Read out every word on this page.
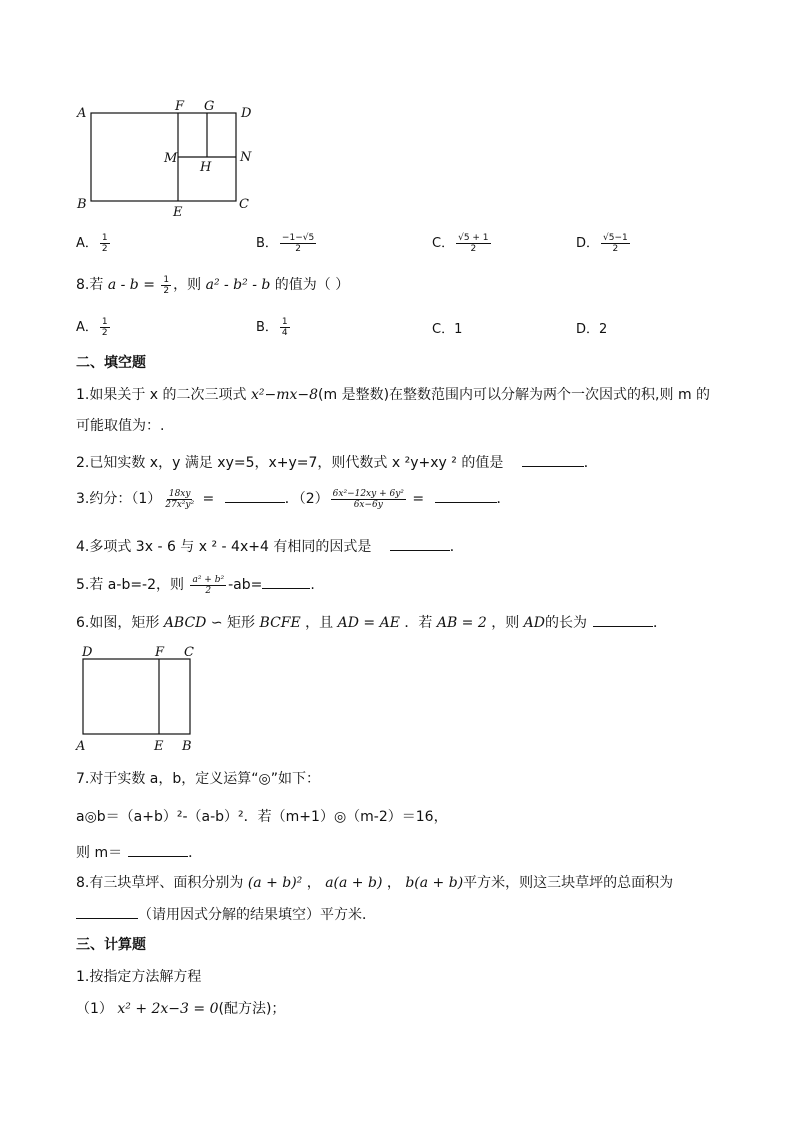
A
B	C
D
E
F G
H
M	N
A． $\frac{1}{2}$	B． $\frac{-1-√5}{2}$	C． $\frac{√5 + 1}{2}$	D． $\frac{√5-1}{2}$
8.若 $a - b = \frac{1}{2}$ ，则 a² - b² - b 的值为（ ）
A． $\frac{1}{2}$	B． $\frac{1}{4}$	C．1	D．2
二、填空题
1.如果关于 x 的二次三项式 x²−mx−8(m 是整数)在整数范围内可以分解为两个一次因式的积,则 m 的
可能取值为：.
2.已知实数 x，y 满足 xy=5，x+y=7，则代数式 x ²y+xy ² 的值是	．
3.约分：$(1) \frac{18xy}{\text{27x²y²}}$ =	．$(2) \frac{\text{6x²−12xy + 6y²}}{6x-6y}$ =	．
4.多项式 3x - 6 与 x ² - 4x+4 有相同的因式是	．
5.若 a-b=-2，则 $\frac{\text{a² + b²}}{2} -ab=$	.
6.如图，矩形 ABCD ∽ 矩形 BCFE ，且 AD = AE ．若 AB = 2 ，则 AD的长为	．
D	F C
A	E B
7.对于实数 a，b，定义运算“◎”如下：
a◎b＝（a+b）²-（a-b）²．若（m+1）◎（m-2）＝16，
则 m＝	．
8.有三块草坪、面积分别为 (a + b)² ， a(a + b) ， b(a + b)平方米，则这三块草坪的总面积为
（请用因式分解的结果填空）平方米．
三、计算题
1.按指定方法解方程
（1） x² + 2x−3 = 0(配方法)；
